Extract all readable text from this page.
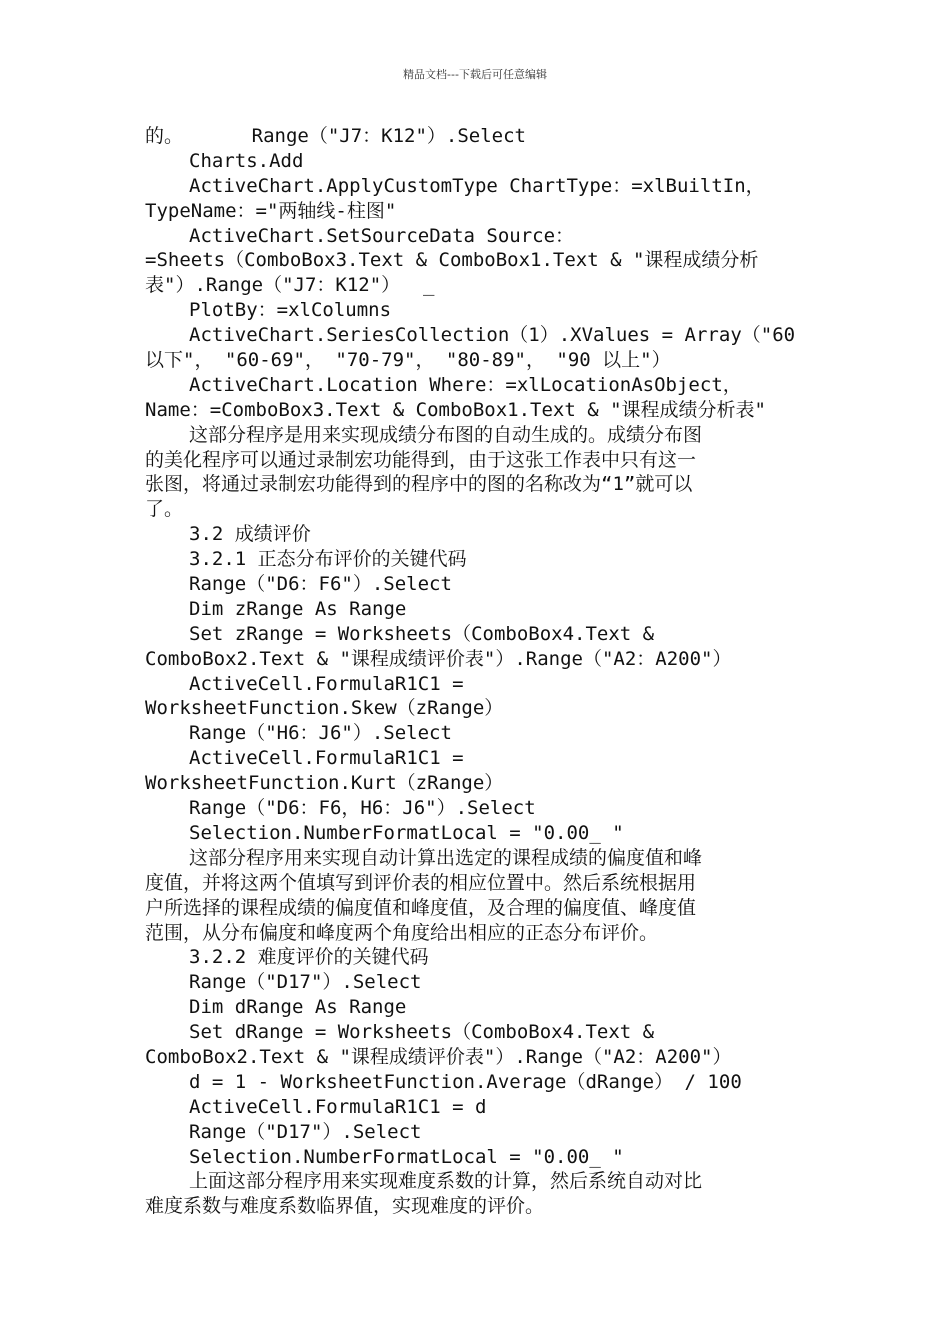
精品文档---下载后可任意编辑
的。      Range（"J7：K12"）.Select
Charts.Add
ActiveChart.ApplyCustomType ChartType：=xlBuiltIn，
TypeName：="两轴线-柱图"
ActiveChart.SetSourceData Source：
=Sheets（ComboBox3.Text & ComboBox1.Text & "课程成绩分析
表"）.Range（"J7：K12"）  _
PlotBy：=xlColumns
ActiveChart.SeriesCollection（1）.XValues = Array（"60
以下"， "60-69"， "70-79"， "80-89"， "90 以上"）
ActiveChart.Location Where：=xlLocationAsObject，
Name：=ComboBox3.Text & ComboBox1.Text & "课程成绩分析表"
这部分程序是用来实现成绩分布图的自动生成的。成绩分布图
的美化程序可以通过录制宏功能得到，由于这张工作表中只有这一
张图，将通过录制宏功能得到的程序中的图的名称改为“1”就可以
了。
3.2 成绩评价
3.2.1 正态分布评价的关键代码
Range（"D6：F6"）.Select
Dim zRange As Range
Set zRange = Worksheets（ComboBox4.Text &
ComboBox2.Text & "课程成绩评价表"）.Range（"A2：A200"）
ActiveCell.FormulaR1C1 =
WorksheetFunction.Skew（zRange）
Range（"H6：J6"）.Select
ActiveCell.FormulaR1C1 =
WorksheetFunction.Kurt（zRange）
Range（"D6：F6，H6：J6"）.Select
Selection.NumberFormatLocal = "0.00_ "
这部分程序用来实现自动计算出选定的课程成绩的偏度值和峰
度值，并将这两个值填写到评价表的相应位置中。然后系统根据用
户所选择的课程成绩的偏度值和峰度值，及合理的偏度值、峰度值
范围，从分布偏度和峰度两个角度给出相应的正态分布评价。
3.2.2 难度评价的关键代码
Range（"D17"）.Select
Dim dRange As Range
Set dRange = Worksheets（ComboBox4.Text &
ComboBox2.Text & "课程成绩评价表"）.Range（"A2：A200"）
d = 1 - WorksheetFunction.Average（dRange） / 100
ActiveCell.FormulaR1C1 = d
Range（"D17"）.Select
Selection.NumberFormatLocal = "0.00_ "
上面这部分程序用来实现难度系数的计算，然后系统自动对比
难度系数与难度系数临界值，实现难度的评价。
